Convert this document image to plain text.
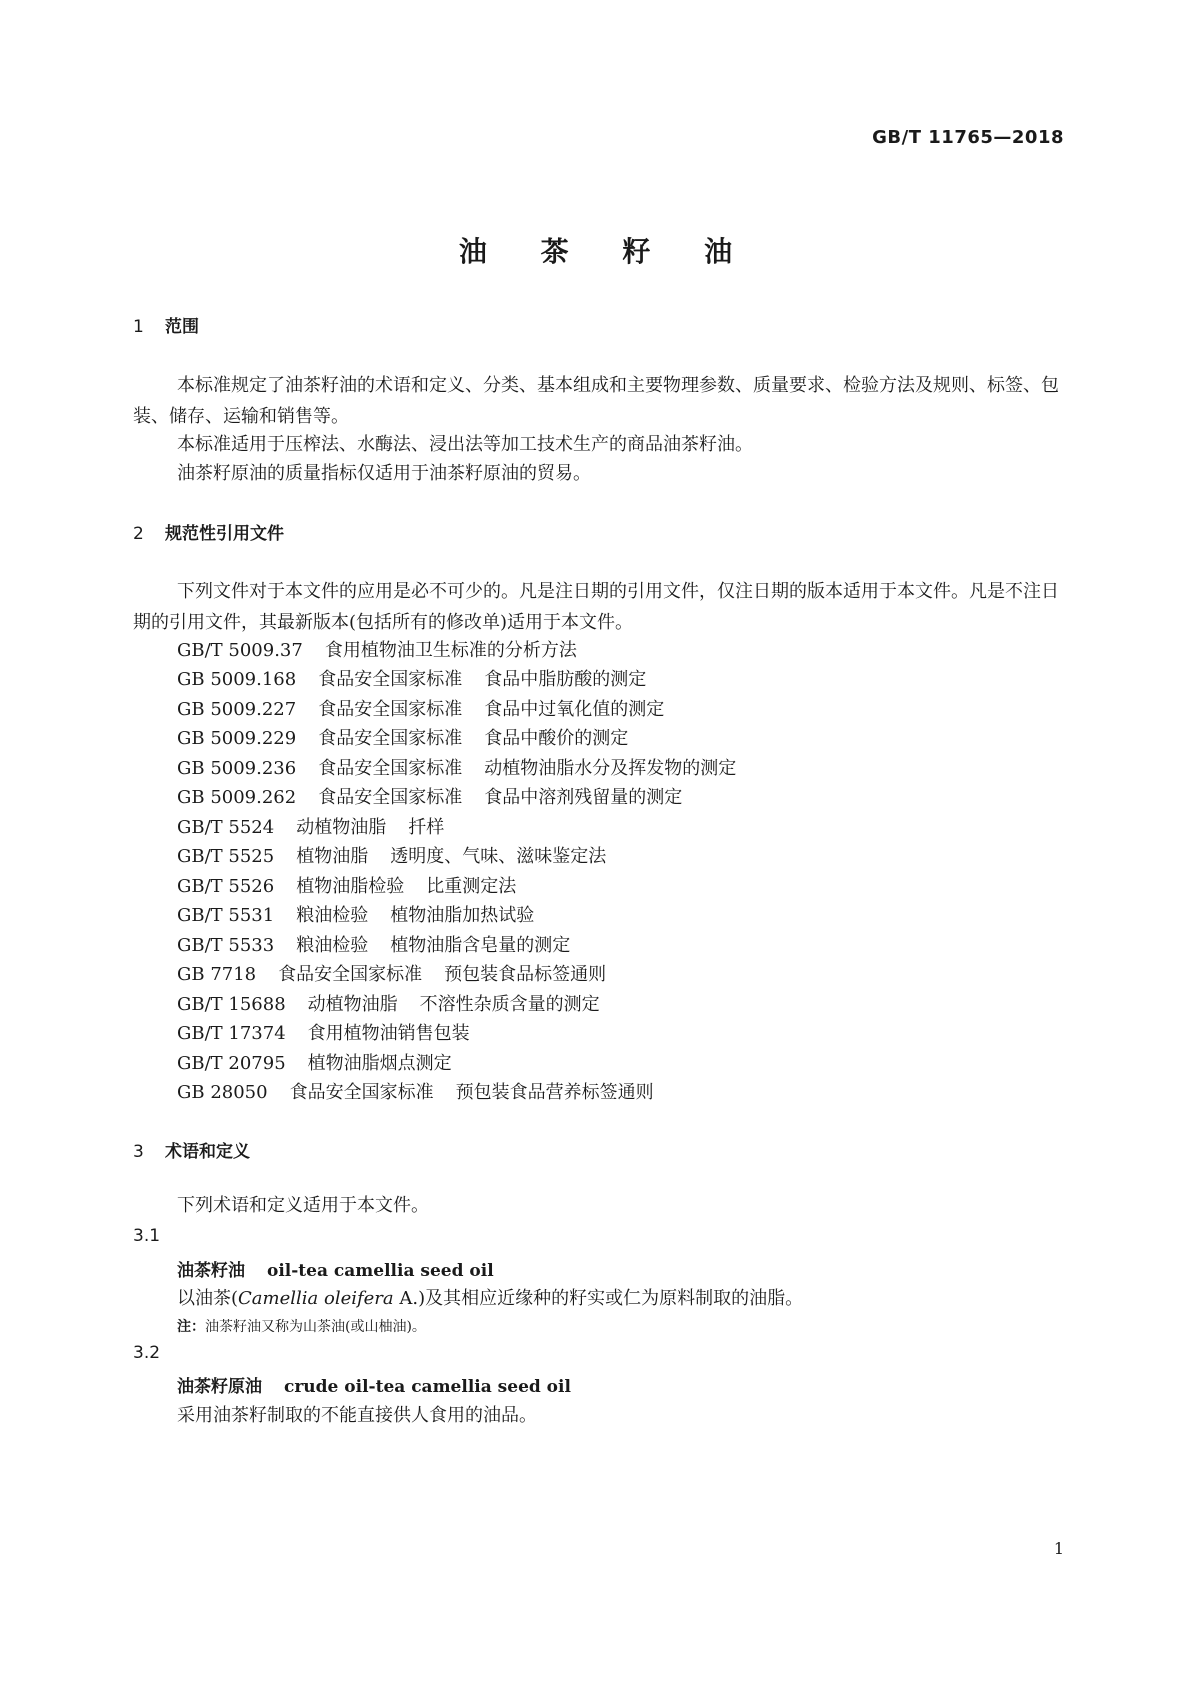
GB/T 11765—2018
油 茶 籽 油
1 范围
本标准规定了油茶籽油的术语和定义、分类、基本组成和主要物理参数、质量要求、检验方法及规则、标签、包装、储存、运输和销售等。
本标准适用于压榨法、水酶法、浸出法等加工技术生产的商品油茶籽油。
油茶籽原油的质量指标仅适用于油茶籽原油的贸易。
2 规范性引用文件
下列文件对于本文件的应用是必不可少的。凡是注日期的引用文件，仅注日期的版本适用于本文件。凡是不注日期的引用文件，其最新版本(包括所有的修改单)适用于本文件。
GB/T 5009.37 食用植物油卫生标准的分析方法
GB 5009.168 食品安全国家标准 食品中脂肪酸的测定
GB 5009.227 食品安全国家标准 食品中过氧化值的测定
GB 5009.229 食品安全国家标准 食品中酸价的测定
GB 5009.236 食品安全国家标准 动植物油脂水分及挥发物的测定
GB 5009.262 食品安全国家标准 食品中溶剂残留量的测定
GB/T 5524 动植物油脂 扦样
GB/T 5525 植物油脂 透明度、气味、滋味鉴定法
GB/T 5526 植物油脂检验 比重测定法
GB/T 5531 粮油检验 植物油脂加热试验
GB/T 5533 粮油检验 植物油脂含皂量的测定
GB 7718 食品安全国家标准 预包装食品标签通则
GB/T 15688 动植物油脂 不溶性杂质含量的测定
GB/T 17374 食用植物油销售包装
GB/T 20795 植物油脂烟点测定
GB 28050 食品安全国家标准 预包装食品营养标签通则
3 术语和定义
下列术语和定义适用于本文件。
3.1
油茶籽油 oil-tea camellia seed oil
以油茶(Camellia oleifera A.)及其相应近缘种的籽实或仁为原料制取的油脂。
注：油茶籽油又称为山茶油(或山柚油)。
3.2
油茶籽原油 crude oil-tea camellia seed oil
采用油茶籽制取的不能直接供人食用的油品。
1
